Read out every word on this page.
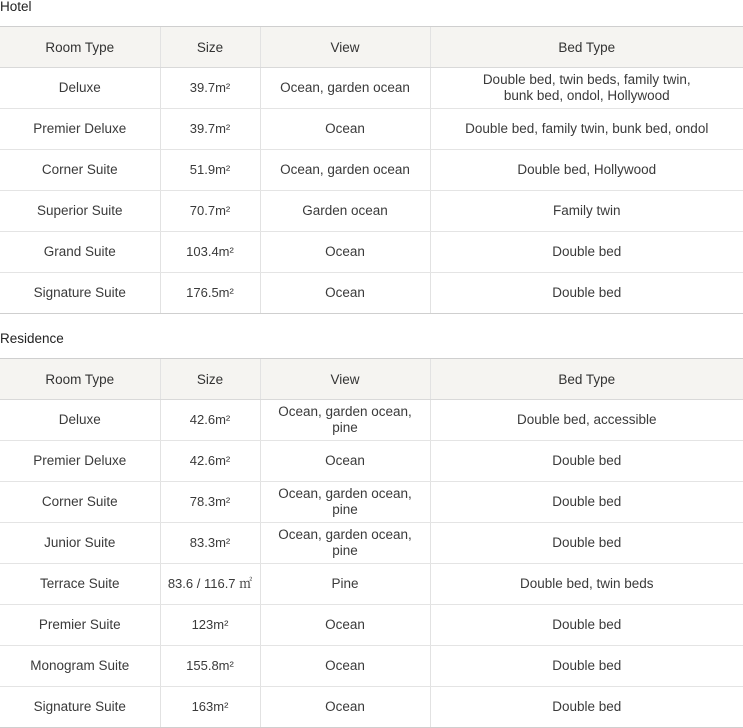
Hotel
Room Type	Size	View	Bed Type
Deluxe	39.7m²	Ocean, garden ocean	Double bed, twin beds, family twin,
bunk bed, ondol, Hollywood

Premier Deluxe	39.7m²	Ocean	Double bed, family twin, bunk bed, ondol
Corner Suite	51.9m²	Ocean, garden ocean	Double bed, Hollywood
Superior Suite	70.7m²	Garden ocean	Family twin
Grand Suite	103.4m²	Ocean	Double bed
Signature Suite	176.5m²	Ocean	Double bed
Residence
Room Type	Size	View	Bed Type
Deluxe	42.6m²	Ocean, garden ocean, pine	Double bed, accessible
Premier Deluxe	42.6m²	Ocean	Double bed
Corner Suite	78.3m²	Ocean, garden ocean, pine	Double bed
Junior Suite	83.3m²	Ocean, garden ocean, pine	Double bed
Terrace Suite	83.6 / 116.7 ㎡	Pine	Double bed, twin beds
Premier Suite	123m²	Ocean	Double bed
Monogram Suite	155.8m²	Ocean	Double bed
Signature Suite	163m²	Ocean	Double bed
